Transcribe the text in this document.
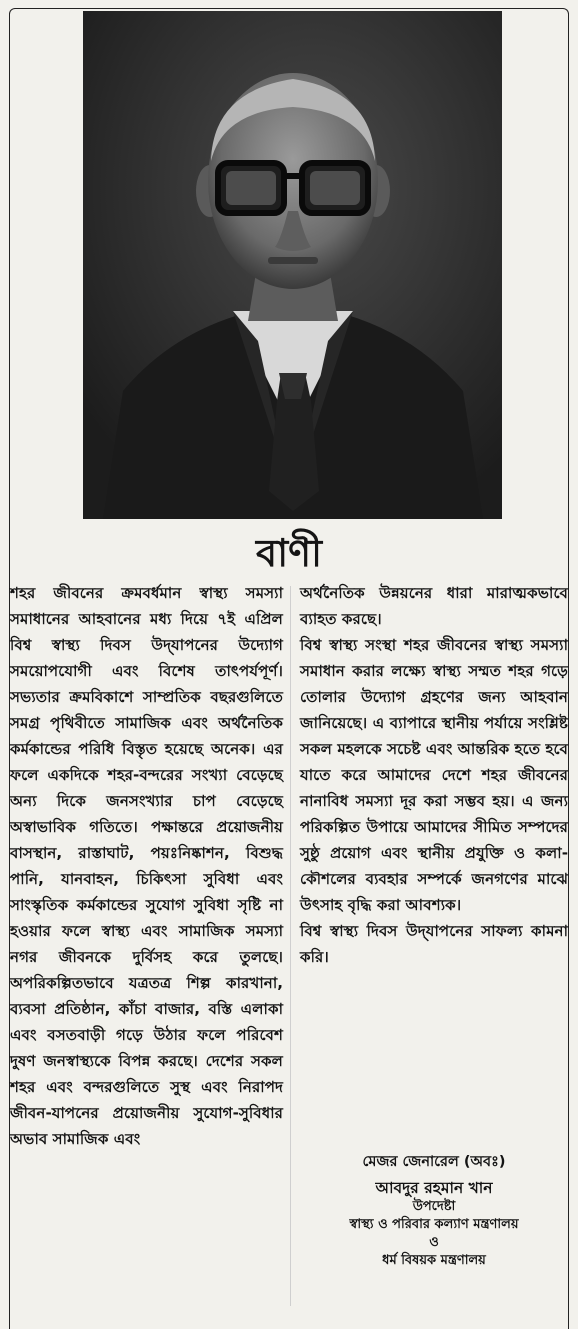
বাণী

শহর জীবনের ক্রমবর্ধমান স্বাস্থ্য সমস্যা সমাধানের আহবানের মধ্য দিয়ে ৭ই এপ্রিল বিশ্ব স্বাস্থ্য দিবস উদ্‌যাপনের উদ্যোগ সময়োপযোগী এবং বিশেষ তাৎপর্যপূর্ণ। সভ্যতার ক্রমবিকাশে সাম্প্রতিক বছরগুলিতে সমগ্র পৃথিবীতে সামাজিক এবং অর্থনৈতিক কর্মকান্ডের পরিধি বিস্তৃত হয়েছে অনেক। এর ফলে একদিকে শহর-বন্দরের সংখ্যা বেড়েছে অন্য দিকে জনসংখ্যার চাপ বেড়েছে অস্বাভাবিক গতিতে। পক্ষান্তরে প্রয়োজনীয় বাসস্থান, রাস্তাঘাট, পয়ঃনিষ্কাশন, বিশুদ্ধ পানি, যানবাহন, চিকিৎসা সুবিধা এবং সাংস্কৃতিক কর্মকান্ডের সুযোগ সুবিধা সৃষ্টি না হওয়ার ফলে স্বাস্থ্য এবং সামাজিক সমস্যা নগর জীবনকে দুর্বিসহ করে তুলছে। অপরিকল্পিতভাবে যত্রতত্র শিল্প কারখানা, ব্যবসা প্রতিষ্ঠান, কাঁচা বাজার, বস্তি এলাকা এবং বসতবাড়ী গড়ে উঠার ফলে পরিবেশ দুষণ জনস্বাস্থ্যকে বিপন্ন করছে। দেশের সকল শহর এবং বন্দরগুলিতে সুস্থ এবং নিরাপদ জীবন-যাপনের প্রয়োজনীয় সুযোগ-সুবিধার অভাব সামাজিক এবং

অর্থনৈতিক উন্নয়নের ধারা মারাত্মকভাবে ব্যাহত করছে।

বিশ্ব স্বাস্থ্য সংস্থা শহর জীবনের স্বাস্থ্য সমস্যা সমাধান করার লক্ষ্যে স্বাস্থ্য সম্মত শহর গড়ে তোলার উদ্যোগ গ্রহণের জন্য আহবান জানিয়েছে। এ ব্যাপারে স্থানীয় পর্যায়ে সংশ্লিষ্ট সকল মহলকে সচেষ্ট এবং আন্তরিক হতে হবে যাতে করে আমাদের দেশে শহর জীবনের নানাবিধ সমস্যা দূর করা সম্ভব হয়। এ জন্য পরিকল্পিত উপায়ে আমাদের সীমিত সম্পদের সুষ্ঠু প্রয়োগ এবং স্থানীয় প্রযুক্তি ও কলা-কৌশলের ব্যবহার সম্পর্কে জনগণের মাঝে উৎসাহ বৃদ্ধি করা আবশ্যক।

বিশ্ব স্বাস্থ্য দিবস উদ্‌যাপনের সাফল্য কামনা করি।

মেজর জেনারেল (অবঃ)
আবদুর রহমান খান
উপদেষ্টা
স্বাস্থ্য ও পরিবার কল্যাণ মন্ত্রণালয়
ও
ধর্ম বিষয়ক মন্ত্রণালয়
